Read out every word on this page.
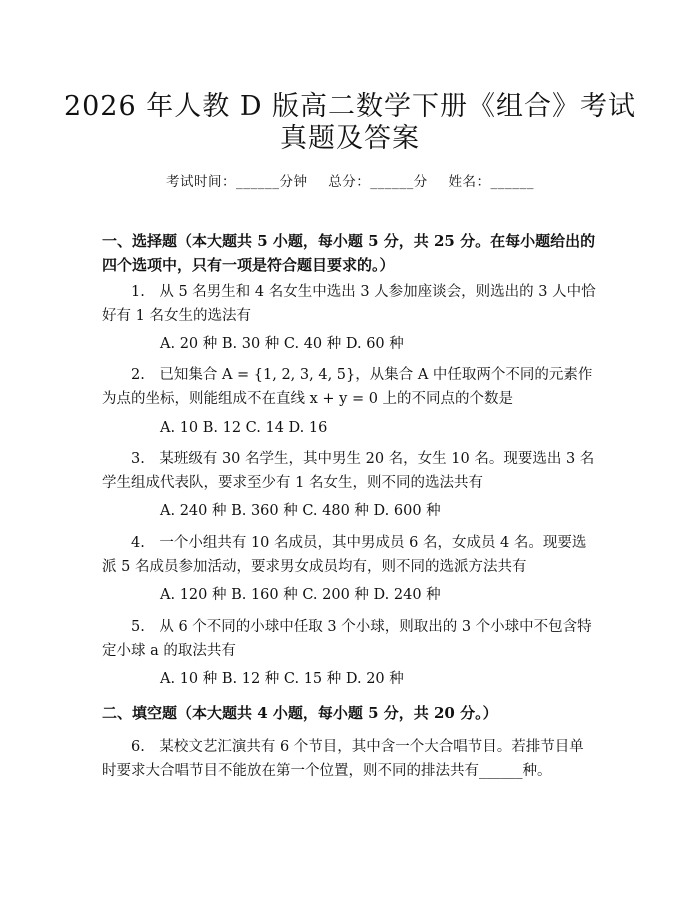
2026 年人教 D 版高二数学下册《组合》考试
真题及答案
考试时间：______分钟 总分：______分 姓名：______
一、选择题（本大题共 5 小题，每小题 5 分，共 25 分。在每小题给出的四个选项中，只有一项是符合题目要求的。）
1.　从 5 名男生和 4 名女生中选出 3 人参加座谈会，则选出的 3 人中恰好有 1 名女生的选法有
A. 20 种 B. 30 种 C. 40 种 D. 60 种
2.　已知集合 A = {1, 2, 3, 4, 5}，从集合 A 中任取两个不同的元素作为点的坐标，则能组成不在直线 x + y = 0 上的不同点的个数是
A. 10 B. 12 C. 14 D. 16
3.　某班级有 30 名学生，其中男生 20 名，女生 10 名。现要选出 3 名学生组成代表队，要求至少有 1 名女生，则不同的选法共有
A. 240 种 B. 360 种 C. 480 种 D. 600 种
4.　一个小组共有 10 名成员，其中男成员 6 名，女成员 4 名。现要选派 5 名成员参加活动，要求男女成员均有，则不同的选派方法共有
A. 120 种 B. 160 种 C. 200 种 D. 240 种
5.　从 6 个不同的小球中任取 3 个小球，则取出的 3 个小球中不包含特定小球 a 的取法共有
A. 10 种 B. 12 种 C. 15 种 D. 20 种
二、填空题（本大题共 4 小题，每小题 5 分，共 20 分。）
6.　某校文艺汇演共有 6 个节目，其中含一个大合唱节目。若排节目单时要求大合唱节目不能放在第一个位置，则不同的排法共有______种。
